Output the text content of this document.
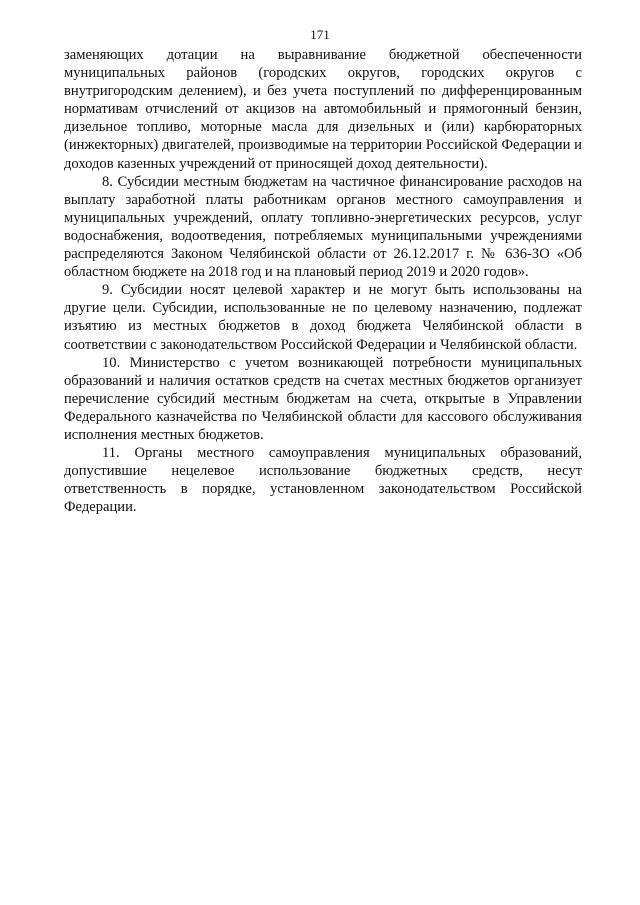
171

заменяющих дотации на выравнивание бюджетной обеспеченности муниципальных районов (городских округов, городских округов с внутригородским делением), и без учета поступлений по дифференцированным нормативам отчислений от акцизов на автомобильный и прямогонный бензин, дизельное топливо, моторные масла для дизельных и (или) карбюраторных (инжекторных) двигателей, производимые на территории Российской Федерации и доходов казенных учреждений от приносящей доход деятельности).

8. Субсидии местным бюджетам на частичное финансирование расходов на выплату заработной платы работникам органов местного самоуправления и муниципальных учреждений, оплату топливно-энергетических ресурсов, услуг водоснабжения, водоотведения, потребляемых муниципальными учреждениями распределяются Законом Челябинской области от 26.12.2017 г. № 636-ЗО «Об областном бюджете на 2018 год и на плановый период 2019 и 2020 годов».

9. Субсидии носят целевой характер и не могут быть использованы на другие цели. Субсидии, использованные не по целевому назначению, подлежат изъятию из местных бюджетов в доход бюджета Челябинской области в соответствии с законодательством Российской Федерации и Челябинской области.

10. Министерство с учетом возникающей потребности муниципальных образований и наличия остатков средств на счетах местных бюджетов организует перечисление субсидий местным бюджетам на счета, открытые в Управлении Федерального казначейства по Челябинской области для кассового обслуживания исполнения местных бюджетов.

11. Органы местного самоуправления муниципальных образований, допустившие нецелевое использование бюджетных средств, несут ответственность в порядке, установленном законодательством Российской Федерации.
